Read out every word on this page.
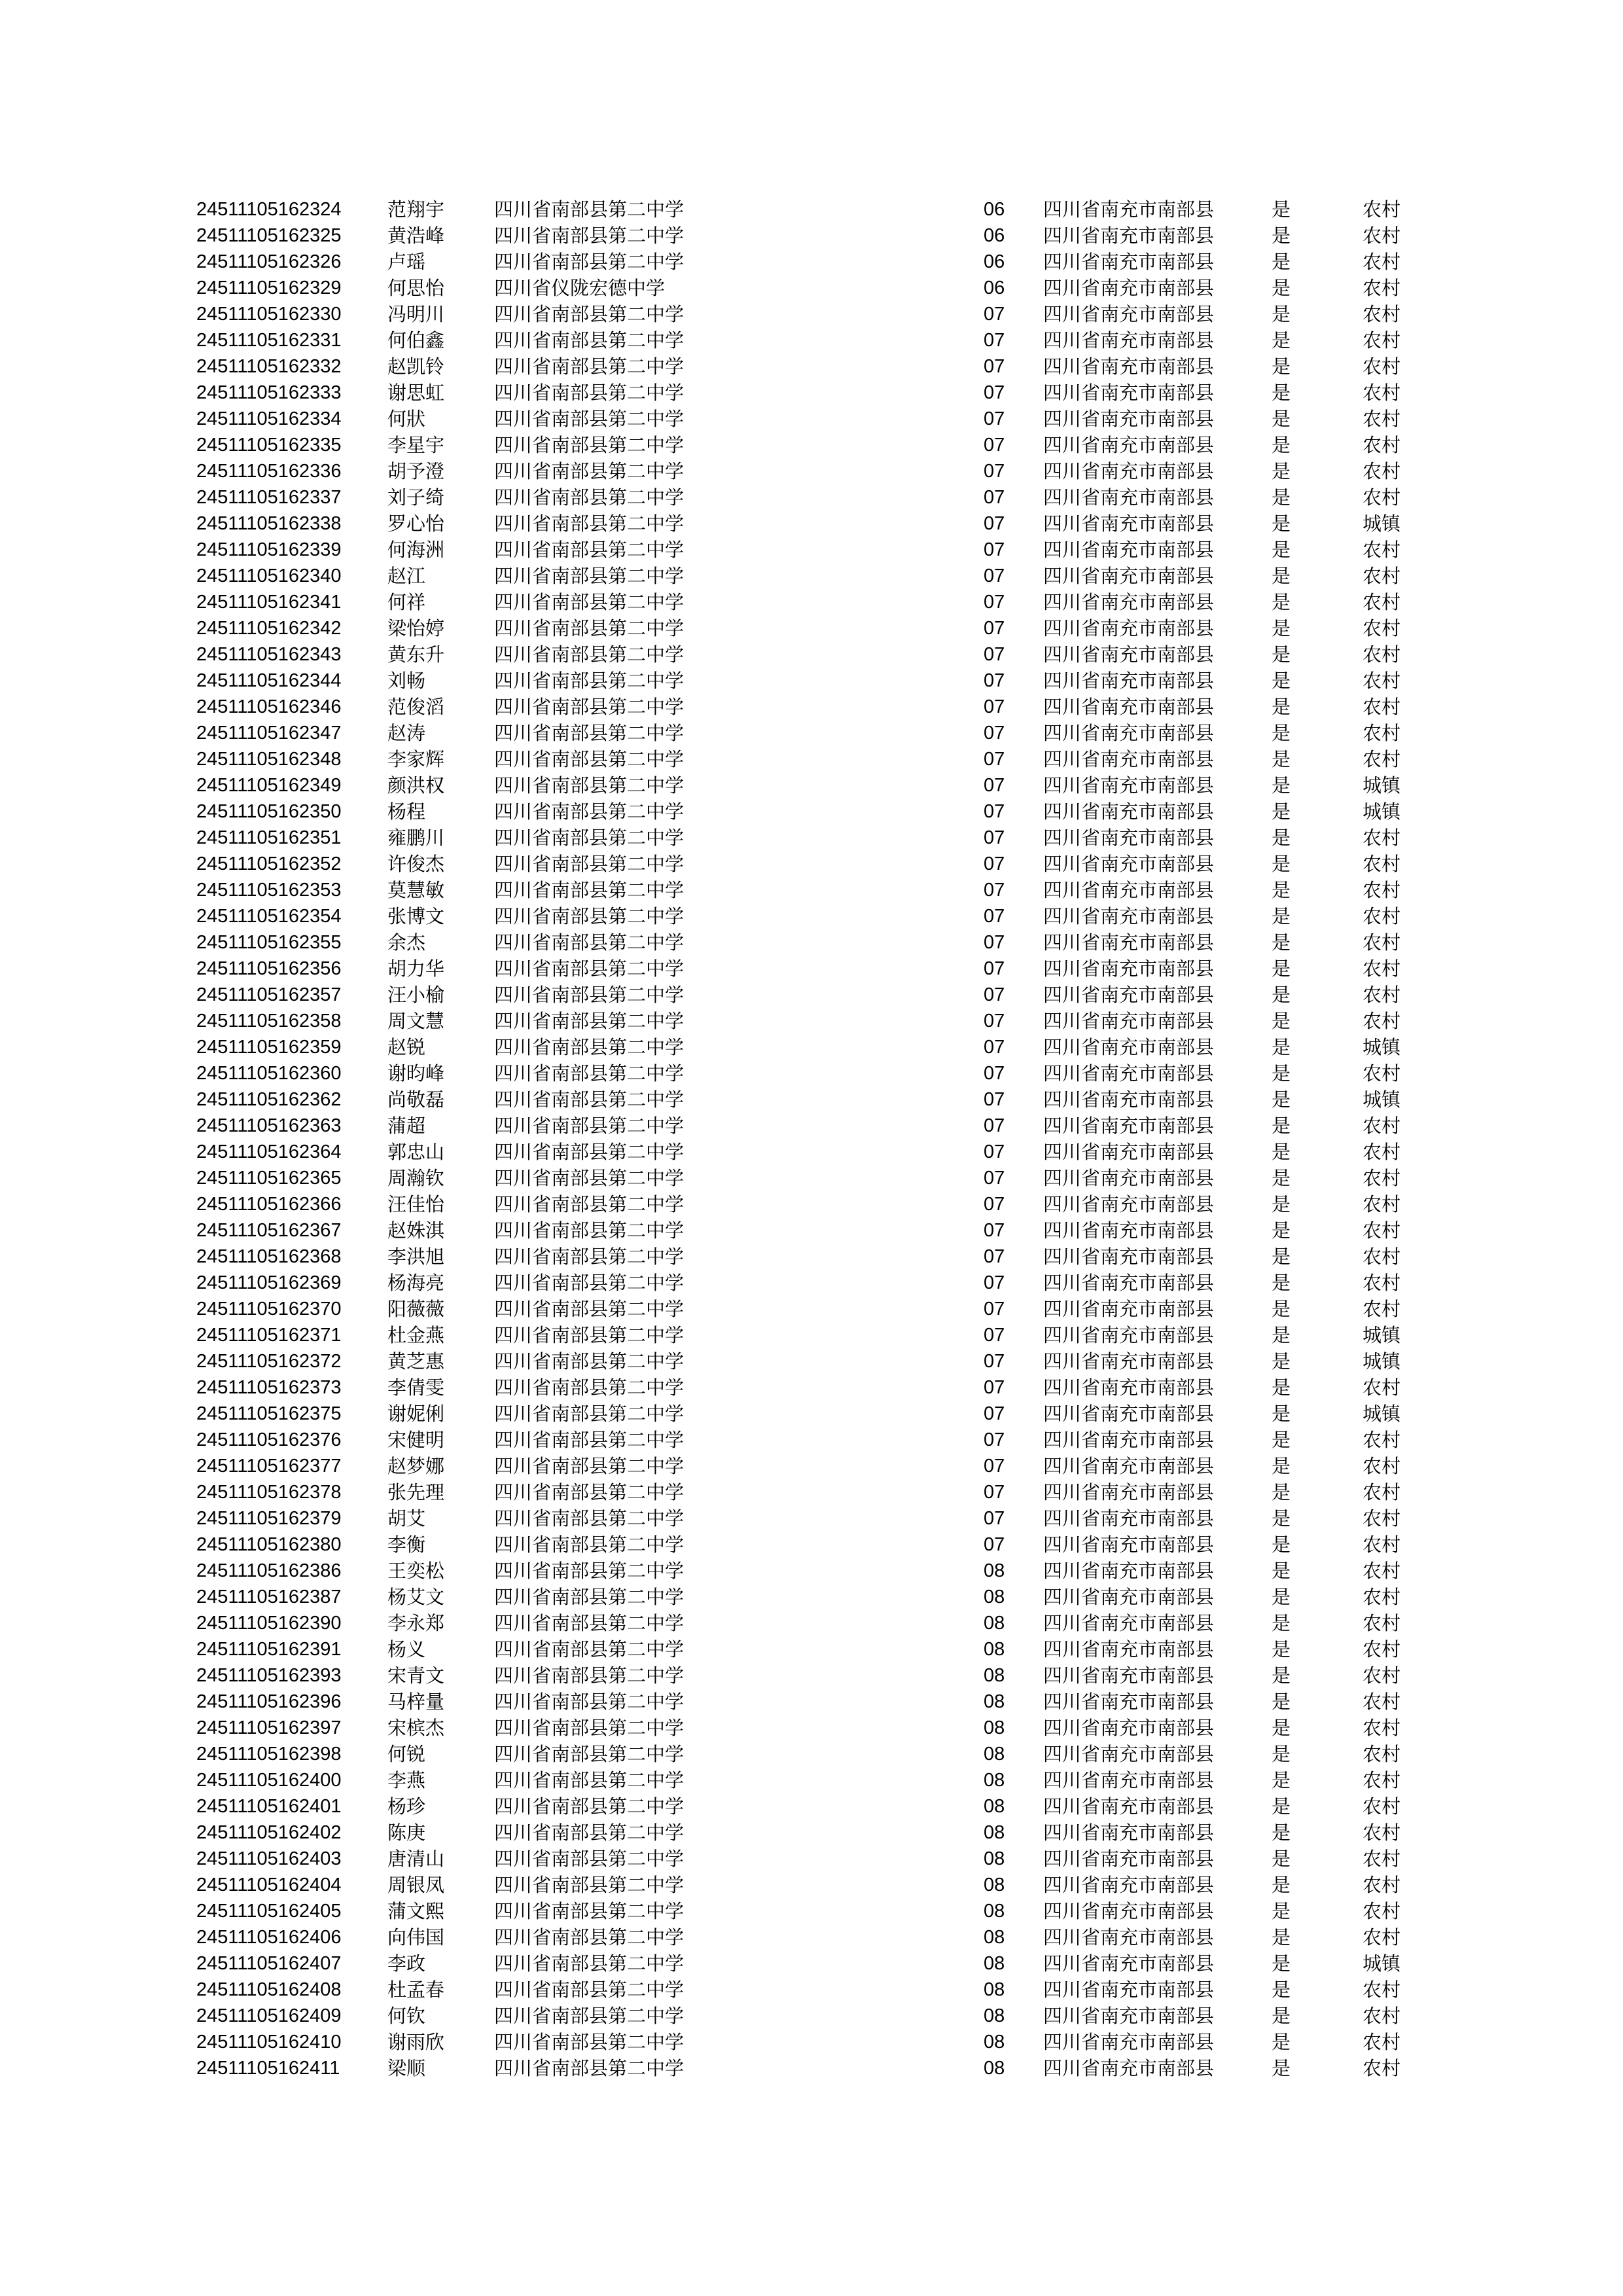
24511105162324 范翔宇	四川省南部县第二中学	06 四川省南充市南部县	是	农村
24511105162325 黄浩峰	四川省南部县第二中学	06 四川省南充市南部县	是	农村
24511105162326 卢瑶	四川省南部县第二中学	06 四川省南充市南部县	是	农村
24511105162329 何思怡	四川省仪陇宏德中学	06 四川省南充市南部县	是	农村
24511105162330 冯明川	四川省南部县第二中学	07 四川省南充市南部县	是	农村
24511105162331 何伯鑫	四川省南部县第二中学	07 四川省南充市南部县	是	农村
24511105162332 赵凯铃	四川省南部县第二中学	07 四川省南充市南部县	是	农村
24511105162333 谢思虹	四川省南部县第二中学	07 四川省南充市南部县	是	农村
24511105162334 何狀	四川省南部县第二中学	07 四川省南充市南部县	是	农村
24511105162335 李星宇	四川省南部县第二中学	07 四川省南充市南部县	是	农村
24511105162336 胡予澄	四川省南部县第二中学	07 四川省南充市南部县	是	农村
24511105162337 刘子绮	四川省南部县第二中学	07 四川省南充市南部县	是	农村
24511105162338 罗心怡	四川省南部县第二中学	07 四川省南充市南部县	是	城镇
24511105162339 何海洲	四川省南部县第二中学	07 四川省南充市南部县	是	农村
24511105162340 赵江	四川省南部县第二中学	07 四川省南充市南部县	是	农村
24511105162341 何祥	四川省南部县第二中学	07 四川省南充市南部县	是	农村
24511105162342 梁怡婷	四川省南部县第二中学	07 四川省南充市南部县	是	农村
24511105162343 黄东升	四川省南部县第二中学	07 四川省南充市南部县	是	农村
24511105162344 刘畅	四川省南部县第二中学	07 四川省南充市南部县	是	农村
24511105162346 范俊滔	四川省南部县第二中学	07 四川省南充市南部县	是	农村
24511105162347 赵涛	四川省南部县第二中学	07 四川省南充市南部县	是	农村
24511105162348 李家辉	四川省南部县第二中学	07 四川省南充市南部县	是	农村
24511105162349 颜洪权	四川省南部县第二中学	07 四川省南充市南部县	是	城镇
24511105162350 杨程	四川省南部县第二中学	07 四川省南充市南部县	是	城镇
24511105162351 雍鹏川	四川省南部县第二中学	07 四川省南充市南部县	是	农村
24511105162352 许俊杰	四川省南部县第二中学	07 四川省南充市南部县	是	农村
24511105162353 莫慧敏	四川省南部县第二中学	07 四川省南充市南部县	是	农村
24511105162354 张博文	四川省南部县第二中学	07 四川省南充市南部县	是	农村
24511105162355 余杰	四川省南部县第二中学	07 四川省南充市南部县	是	农村
24511105162356 胡力华	四川省南部县第二中学	07 四川省南充市南部县	是	农村
24511105162357 汪小榆	四川省南部县第二中学	07 四川省南充市南部县	是	农村
24511105162358 周文慧	四川省南部县第二中学	07 四川省南充市南部县	是	农村
24511105162359 赵锐	四川省南部县第二中学	07 四川省南充市南部县	是	城镇
24511105162360 谢昀峰	四川省南部县第二中学	07 四川省南充市南部县	是	农村
24511105162362 尚敬磊	四川省南部县第二中学	07 四川省南充市南部县	是	城镇
24511105162363 蒲超	四川省南部县第二中学	07 四川省南充市南部县	是	农村
24511105162364 郭忠山	四川省南部县第二中学	07 四川省南充市南部县	是	农村
24511105162365 周瀚钦	四川省南部县第二中学	07 四川省南充市南部县	是	农村
24511105162366 汪佳怡	四川省南部县第二中学	07 四川省南充市南部县	是	农村
24511105162367 赵姝淇	四川省南部县第二中学	07 四川省南充市南部县	是	农村
24511105162368 李洪旭	四川省南部县第二中学	07 四川省南充市南部县	是	农村
24511105162369 杨海亮	四川省南部县第二中学	07 四川省南充市南部县	是	农村
24511105162370 阳薇薇	四川省南部县第二中学	07 四川省南充市南部县	是	农村
24511105162371 杜金燕	四川省南部县第二中学	07 四川省南充市南部县	是	城镇
24511105162372 黄芝惠	四川省南部县第二中学	07 四川省南充市南部县	是	城镇
24511105162373 李倩雯	四川省南部县第二中学	07 四川省南充市南部县	是	农村
24511105162375 谢妮俐	四川省南部县第二中学	07 四川省南充市南部县	是	城镇
24511105162376 宋健明	四川省南部县第二中学	07 四川省南充市南部县	是	农村
24511105162377 赵梦娜	四川省南部县第二中学	07 四川省南充市南部县	是	农村
24511105162378 张先理	四川省南部县第二中学	07 四川省南充市南部县	是	农村
24511105162379 胡艾	四川省南部县第二中学	07 四川省南充市南部县	是	农村
24511105162380 李衡	四川省南部县第二中学	07 四川省南充市南部县	是	农村
24511105162386 王奕松	四川省南部县第二中学	08 四川省南充市南部县	是	农村
24511105162387 杨艾文	四川省南部县第二中学	08 四川省南充市南部县	是	农村
24511105162390 李永郑	四川省南部县第二中学	08 四川省南充市南部县	是	农村
24511105162391 杨义	四川省南部县第二中学	08 四川省南充市南部县	是	农村
24511105162393 宋青文	四川省南部县第二中学	08 四川省南充市南部县	是	农村
24511105162396 马梓量	四川省南部县第二中学	08 四川省南充市南部县	是	农村
24511105162397 宋槟杰	四川省南部县第二中学	08 四川省南充市南部县	是	农村
24511105162398 何锐	四川省南部县第二中学	08 四川省南充市南部县	是	农村
24511105162400 李燕	四川省南部县第二中学	08 四川省南充市南部县	是	农村
24511105162401 杨珍	四川省南部县第二中学	08 四川省南充市南部县	是	农村
24511105162402 陈庚	四川省南部县第二中学	08 四川省南充市南部县	是	农村
24511105162403 唐清山	四川省南部县第二中学	08 四川省南充市南部县	是	农村
24511105162404 周银凤	四川省南部县第二中学	08 四川省南充市南部县	是	农村
24511105162405 蒲文熙	四川省南部县第二中学	08 四川省南充市南部县	是	农村
24511105162406 向伟国	四川省南部县第二中学	08 四川省南充市南部县	是	农村
24511105162407 李政	四川省南部县第二中学	08 四川省南充市南部县	是	城镇
24511105162408 杜孟春	四川省南部县第二中学	08 四川省南充市南部县	是	农村
24511105162409 何钦	四川省南部县第二中学	08 四川省南充市南部县	是	农村
24511105162410 谢雨欣	四川省南部县第二中学	08 四川省南充市南部县	是	农村
24511105162411	梁顺	四川省南部县第二中学	08 四川省南充市南部县	是	农村
